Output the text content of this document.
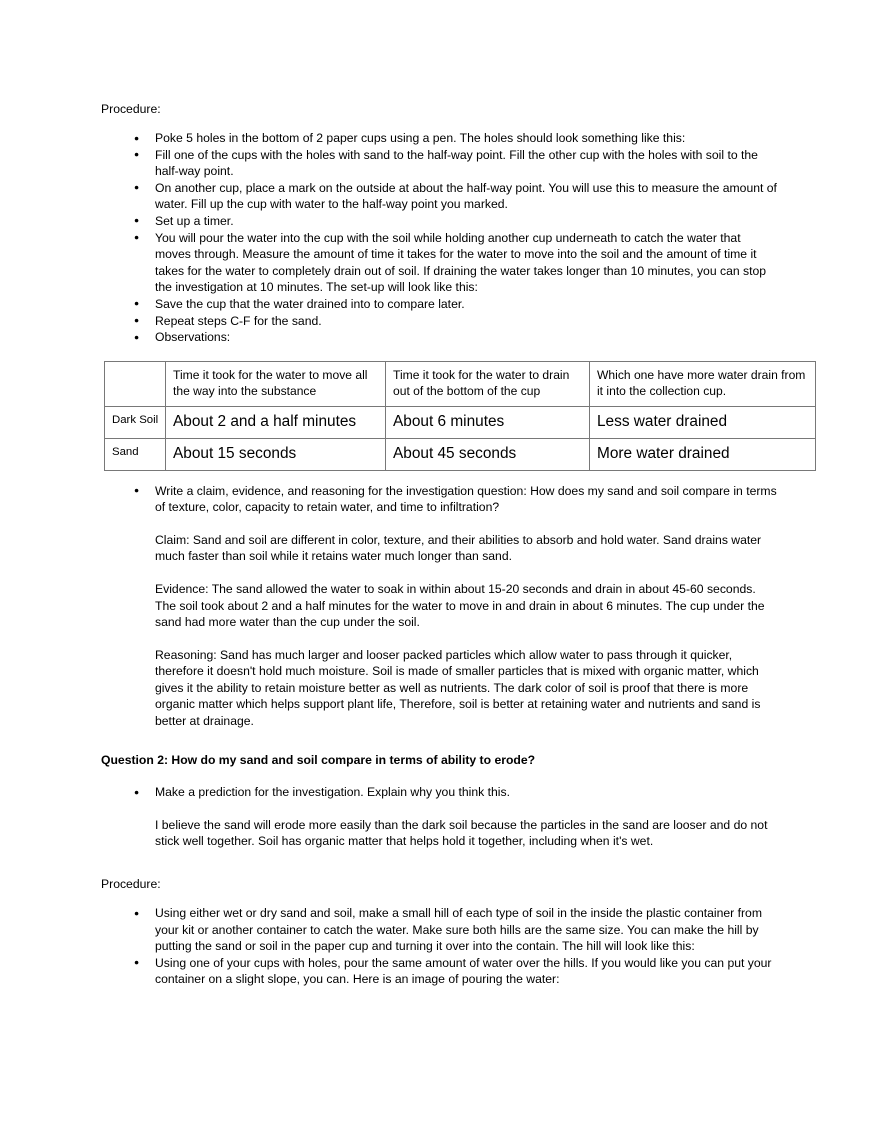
Procedure:

● Poke 5 holes in the bottom of 2 paper cups using a pen. The holes should look something like this:
● Fill one of the cups with the holes with sand to the half-way point. Fill the other cup with the holes with soil to the half-way point.
● On another cup, place a mark on the outside at about the half-way point. You will use this to measure the amount of water. Fill up the cup with water to the half-way point you marked.
● Set up a timer.
● You will pour the water into the cup with the soil while holding another cup underneath to catch the water that moves through. Measure the amount of time it takes for the water to move into the soil and the amount of time it takes for the water to completely drain out of soil. If draining the water takes longer than 10 minutes, you can stop the investigation at 10 minutes. The set-up will look like this:
● Save the cup that the water drained into to compare later.
● Repeat steps C-F for the sand.
● Observations:
	Time it took for the water to move all the way into the substance	Time it took for the water to drain out of the bottom of the cup	Which one have more water drain from it into the collection cup.
Dark Soil	About 2 and a half minutes	About 6 minutes	Less water drained
Sand	About 15 seconds	About 45 seconds	More water drained
● Write a claim, evidence, and reasoning for the investigation question: How does my sand and soil compare in terms of texture, color, capacity to retain water, and time to infiltration?

Claim: Sand and soil are different in color, texture, and their abilities to absorb and hold water. Sand drains water much faster than soil while it retains water much longer than sand.

Evidence: The sand allowed the water to soak in within about 15-20 seconds and drain in about 45-60 seconds. The soil took about 2 and a half minutes for the water to move in and drain in about 6 minutes. The cup under the sand had more water than the cup under the soil.

Reasoning: Sand has much larger and looser packed particles which allow water to pass through it quicker, therefore it doesn't hold much moisture. Soil is made of smaller particles that is mixed with organic matter, which gives it the ability to retain moisture better as well as nutrients. The dark color of soil is proof that there is more organic matter which helps support plant life, Therefore, soil is better at retaining water and nutrients and sand is better at drainage.

Question 2: How do my sand and soil compare in terms of ability to erode?

● Make a prediction for the investigation. Explain why you think this.

I believe the sand will erode more easily than the dark soil because the particles in the sand are looser and do not stick well together. Soil has organic matter that helps hold it together, including when it's wet.

Procedure:

● Using either wet or dry sand and soil, make a small hill of each type of soil in the inside the plastic container from your kit or another container to catch the water. Make sure both hills are the same size. You can make the hill by putting the sand or soil in the paper cup and turning it over into the contain. The hill will look like this:
● Using one of your cups with holes, pour the same amount of water over the hills. If you would like you can put your container on a slight slope, you can. Here is an image of pouring the water:
